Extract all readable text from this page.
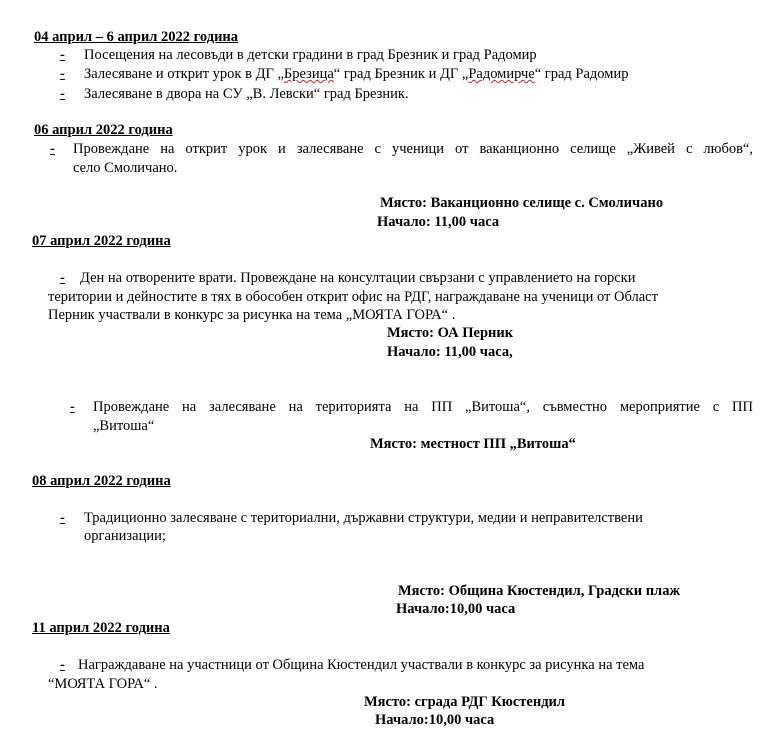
04 април – 6 април 2022 година
- Посещения на лесовъди в детски градини в град Брезник и град Радомир
- Залесяване и открит урок в ДГ „Брезица“ град Брезник и ДГ „Радомирче“ град Радомир
- Залесяване в двора на СУ „В. Левски“ град Брезник.
06 април 2022 година
- Провеждане на открит урок и залесяване с ученици от ваканционно селище „Живей с любов“,
село Смоличано.
Място: Ваканционно селище с. Смоличано
Начало: 11,00 часа
07 април 2022 година
- Ден на отворените врати. Провеждане на консултации свързани с управлението на горски
територии и дейностите в тях в обособен открит офис на РДГ, награждаване на ученици от Област
Перник участвали в конкурс за рисунка на тема „МОЯТА ГОРА“ .
Място: ОА Перник
Начало: 11,00 часа,
- Провеждане на залесяване на територията на ПП „Витоша“, съвместно мероприятие с ПП
„Витоша“
Място: местност ПП „Витоша“
08 април 2022 година
- Традиционно залесяване с териториални, държавни структури, медии и неправителствени
организации;
Място: Община Кюстендил, Градски плаж
Начало:10,00 часа
11 април 2022 година
- Награждаване на участници от Община Кюстендил участвали в конкурс за рисунка на тема
“МОЯТА ГОРА“ .
Място: сграда РДГ Кюстендил
Начало:10,00 часа
